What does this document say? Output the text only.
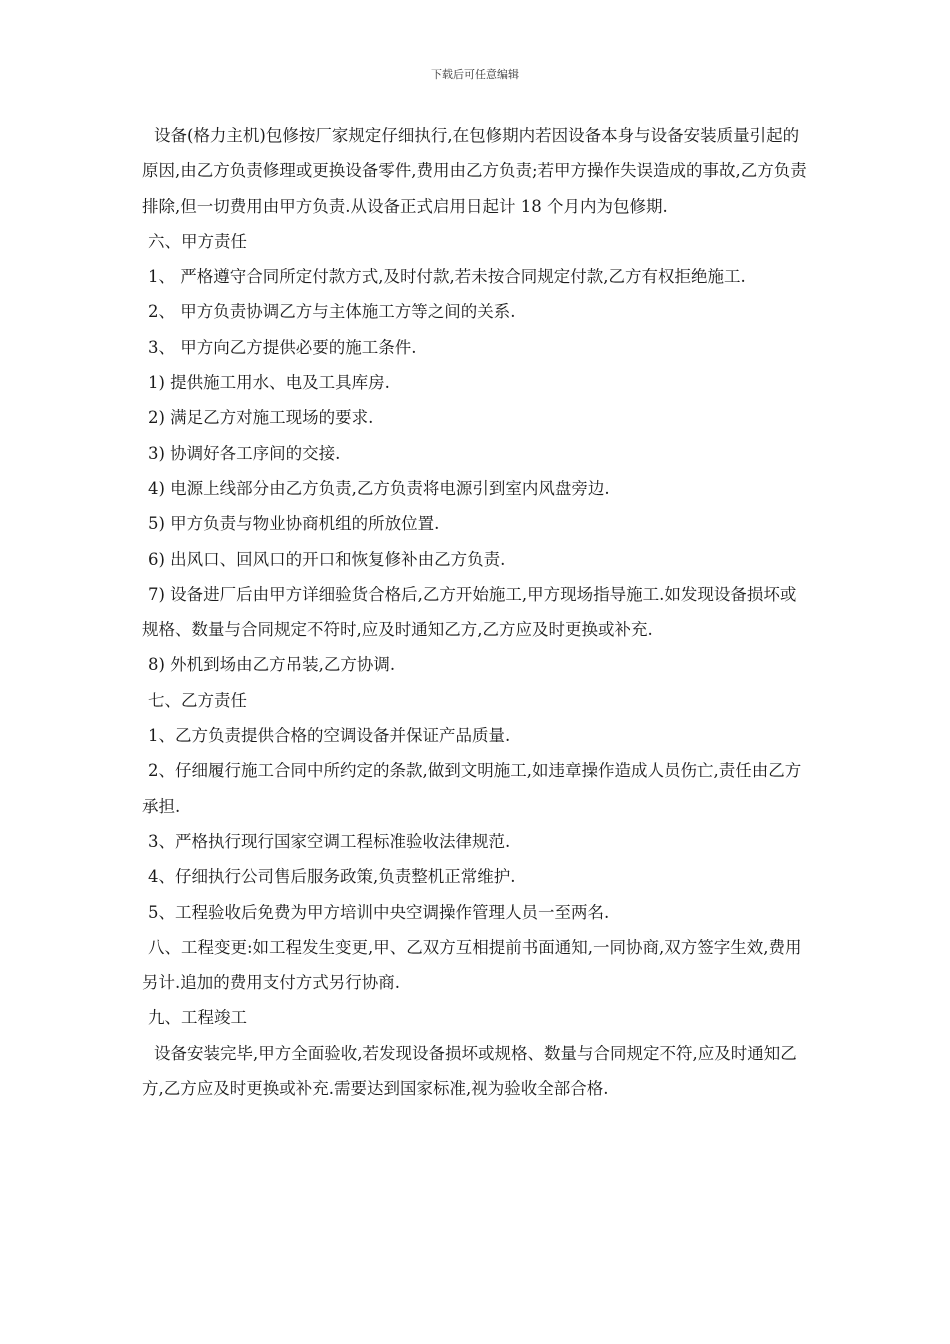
下载后可任意编辑

设备(格力主机)包修按厂家规定仔细执行,在包修期内若因设备本身与设备安装质量引起的原因,由乙方负责修理或更换设备零件,费用由乙方负责;若甲方操作失误造成的事故,乙方负责排除,但一切费用由甲方负责.从设备正式启用日起计 18 个月内为包修期.

六、甲方责任

1、 严格遵守合同所定付款方式,及时付款,若未按合同规定付款,乙方有权拒绝施工.

2、 甲方负责协调乙方与主体施工方等之间的关系.

3、 甲方向乙方提供必要的施工条件.

1) 提供施工用水、电及工具库房.

2) 满足乙方对施工现场的要求.

3) 协调好各工序间的交接.

4) 电源上线部分由乙方负责,乙方负责将电源引到室内风盘旁边.

5) 甲方负责与物业协商机组的所放位置.

6) 出风口、回风口的开口和恢复修补由乙方负责.

7) 设备进厂后由甲方详细验货合格后,乙方开始施工,甲方现场指导施工.如发现设备损坏或规格、数量与合同规定不符时,应及时通知乙方,乙方应及时更换或补充.

8) 外机到场由乙方吊装,乙方协调.

七、乙方责任

1、乙方负责提供合格的空调设备并保证产品质量.

2、仔细履行施工合同中所约定的条款,做到文明施工,如违章操作造成人员伤亡,责任由乙方承担.

3、严格执行现行国家空调工程标准验收法律规范.

4、仔细执行公司售后服务政策,负责整机正常维护.

5、工程验收后免费为甲方培训中央空调操作管理人员一至两名.

八、工程变更:如工程发生变更,甲、乙双方互相提前书面通知,一同协商,双方签字生效,费用另计.追加的费用支付方式另行协商.

九、工程竣工

设备安装完毕,甲方全面验收,若发现设备损坏或规格、数量与合同规定不符,应及时通知乙方,乙方应及时更换或补充.需要达到国家标准,视为验收全部合格.
